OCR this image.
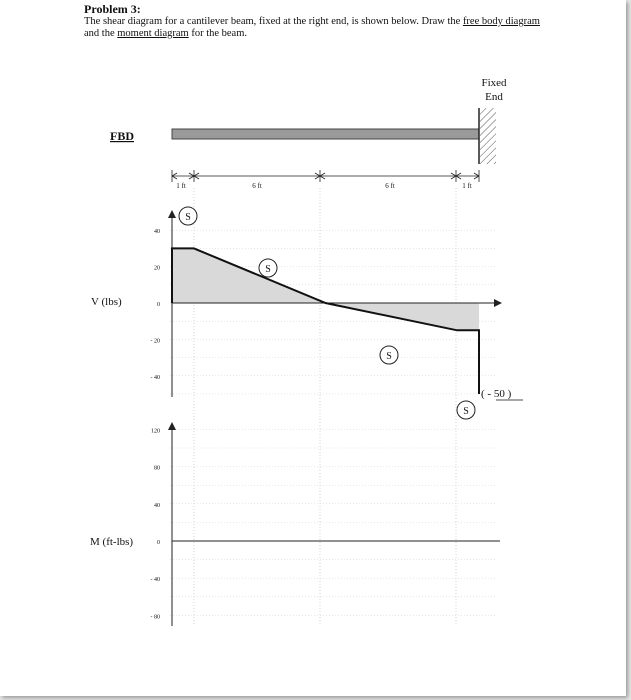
Problem 3:
The shear diagram for a cantilever beam, fixed at the right end, is shown below. Draw the free body diagram and the moment diagram for the beam.
Fixed
End
FBD
1 ft	6 ft	6 ft	1 ft
40
20
0
- 20
- 40
S
S
S
S
( - 50 )
V (lbs)
120
80
40
0
- 40
- 80
M (ft-lbs)
